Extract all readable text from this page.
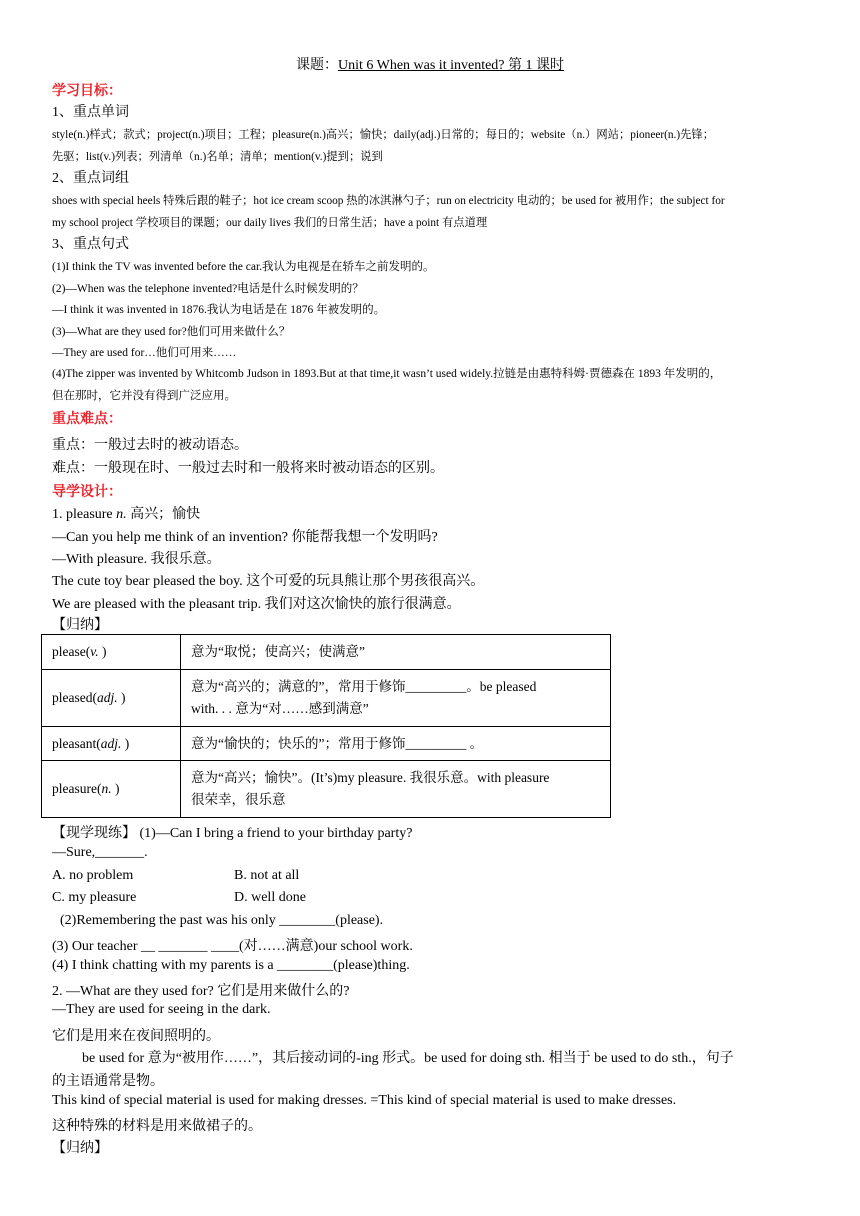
课题：Unit 6 When was it invented? 第 1 课时
学习目标：
1、重点单词
style(n.)样式；款式；project(n.)项目；工程；pleasure(n.)高兴；愉快；daily(adj.)日常的；每日的；website（n.）网站；pioneer(n.)先锋；
先驱；list(v.)列表；列清单（n.)名单；清单；mention(v.)提到；说到
2、重点词组
shoes with special heels 特殊后跟的鞋子；hot ice cream scoop 热的冰淇淋勺子；run on electricity 电动的；be used for 被用作；the subject for
my school project 学校项目的课题；our daily lives 我们的日常生活；have a point 有点道理
3、重点句式
(1)I think the TV was invented before the car.我认为电视是在轿车之前发明的。
(2)—When was the telephone invented?电话是什么时候发明的？
—I think it was invented in 1876.我认为电话是在 1876 年被发明的。
(3)—What are they used for?他们可用来做什么？
—They are used for…他们可用来……
(4)The zipper was invented by Whitcomb Judson in 1893.But at that time,it wasn’t used widely.拉链是由惠特科姆·贾德森在 1893 年发明的，
但在那时，它并没有得到广泛应用。
重点难点：
重点：一般过去时的被动语态。
难点：一般现在时、一般过去时和一般将来时被动语态的区别。
导学设计：
1. pleasure n. 高兴；愉快
—Can you help me think of an invention? 你能帮我想一个发明吗?
—With pleasure. 我很乐意。
The cute toy bear pleased the boy. 这个可爱的玩具熊让那个男孩很高兴。
We are pleased with the pleasant trip. 我们对这次愉快的旅行很满意。
【归纳】
please(v. )	意为“取悦；使高兴；使满意”
pleased(adj. )	意为“高兴的；满意的”，常用于修饰_________。be pleased
with. . . 意为“对……感到满意”

pleasant(adj. )	意为“愉快的；快乐的”；常用于修饰_________ 。
pleasure(n. )	意为“高兴；愉快”。(It’s)my pleasure. 我很乐意。with pleasure
很荣幸，很乐意
【现学现练】 (1)—Can I bring a friend to your birthday party?
—Sure,_______.
A. no problem	B. not at all
C. my pleasure	D. well done
(2)Remembering the past was his only ________(please).
(3) Our teacher __ _______ ____(对……满意)our school work.
(4) I think chatting with my parents is a ________(please)thing.
2. —What are they used for? 它们是用来做什么的?
—They are used for seeing in the dark.
它们是用来在夜间照明的。
be used for 意为“被用作……”，其后接动词的-ing 形式。be used for doing sth. 相当于 be used to do sth.，句子
的主语通常是物。
This kind of special material is used for making dresses. =This kind of special material is used to make dresses.
这种特殊的材料是用来做裙子的。
【归纳】
